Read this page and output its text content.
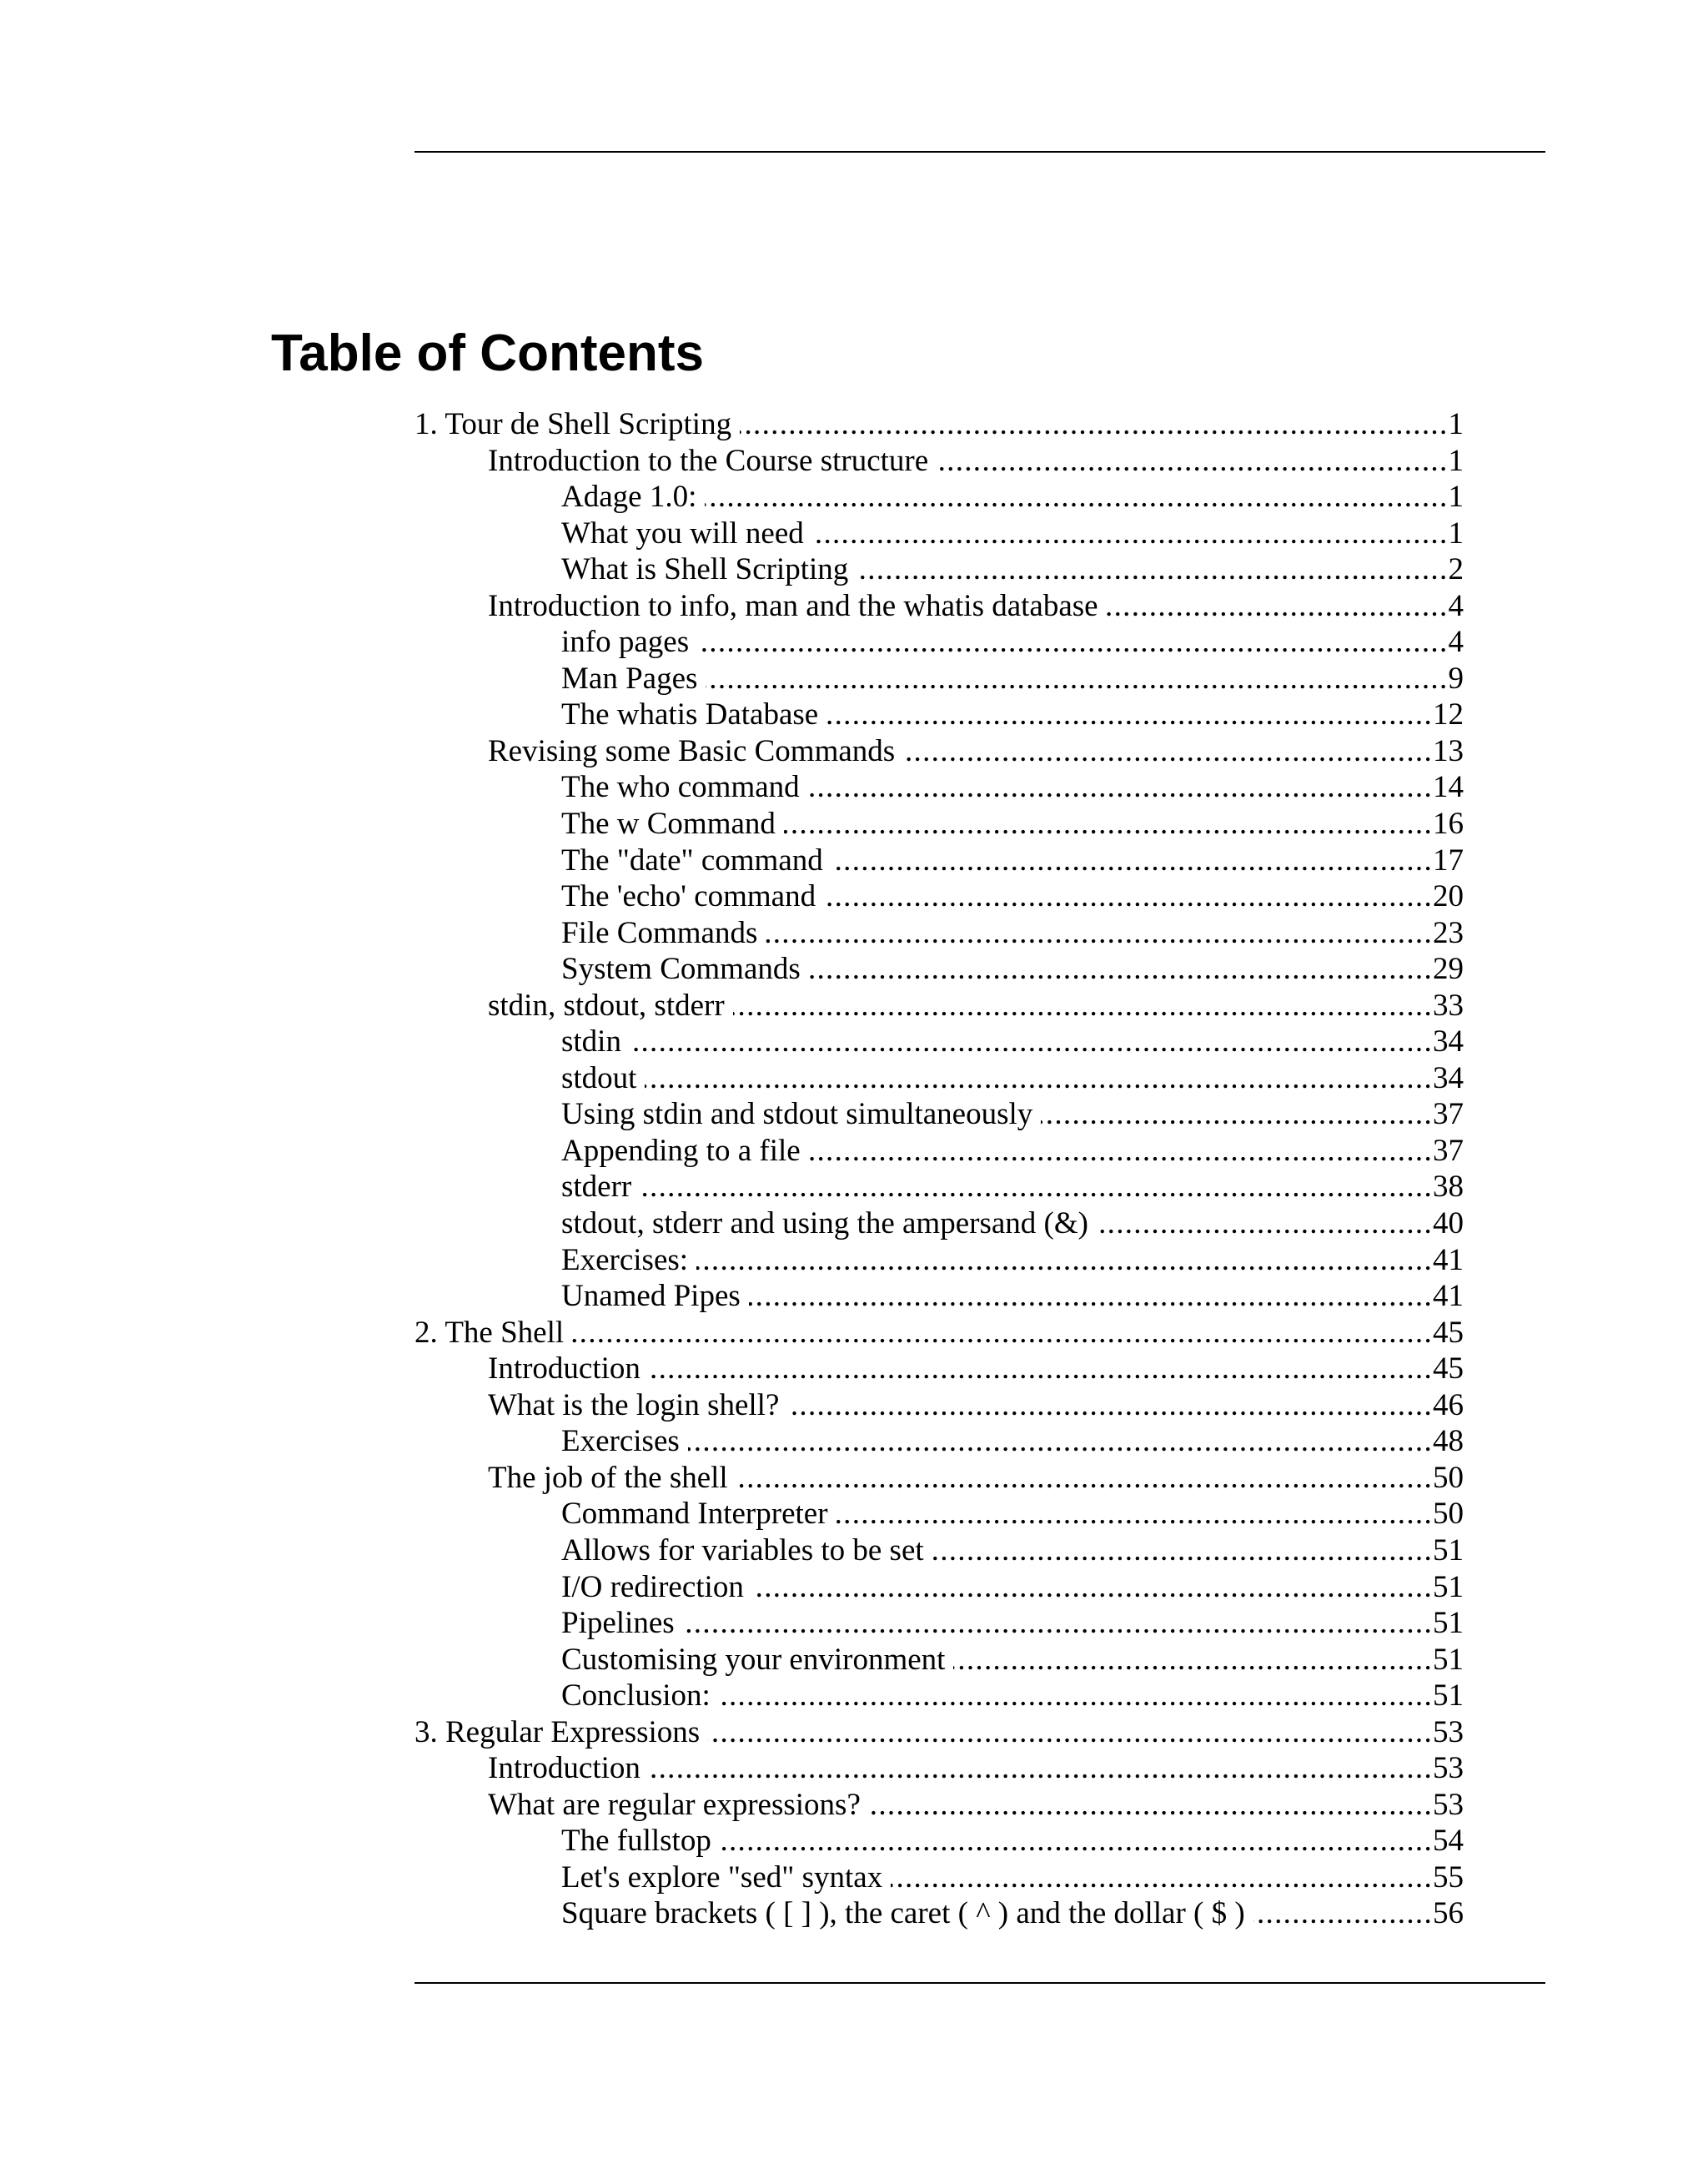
Table of Contents
1. Tour de Shell Scripting .....	1
Introduction to the Course structure .....	1
Adage 1.0: .....	1
What you will need .....	1
What is Shell Scripting .....	2
Introduction to info, man and the whatis database .....	4
info pages .....	4
Man Pages .....	9
The whatis Database .....	12
Revising some Basic Commands .....	13
The who command .....	14
The w Command .....	16
The "date" command .....	17
The 'echo' command .....	20
File Commands .....	23
System Commands .....	29
stdin, stdout, stderr .....	33
stdin .....	34
stdout .....	34
Using stdin and stdout simultaneously .....	37
Appending to a file .....	37
stderr .....	38
stdout, stderr and using the ampersand (&) .....	40
Exercises: .....	41
Unamed Pipes .....	41
2. The Shell .....	45
Introduction .....	45
What is the login shell? .....	46
Exercises .....	48
The job of the shell .....	50
Command Interpreter .....	50
Allows for variables to be set .....	51
I/O redirection .....	51
Pipelines .....	51
Customising your environment .....	51
Conclusion: .....	51
3. Regular Expressions .....	53
Introduction .....	53
What are regular expressions? .....	53
The fullstop .....	54
Let's explore "sed" syntax .....	55
Square brackets ( [ ] ), the caret ( ^ ) and the dollar ( $ ) .....	56
